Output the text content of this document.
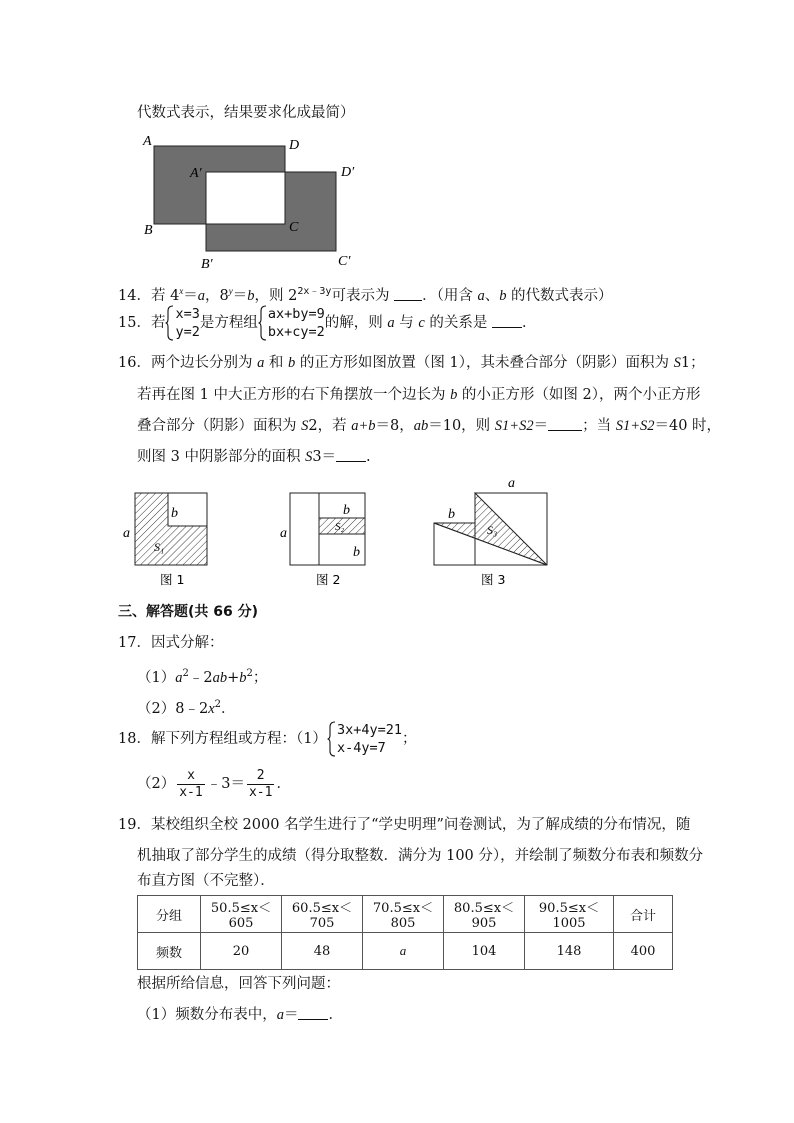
代数式表示，结果要求化成最简）
A	D
A′	D′
B	C
B′	C′
14．若 $4^x=a$，$8^y=b$，则 $2^{2x﹣3y}$可表示为 ．（用含 a、b 的代数式表示）
15．若
x=3
y=2
是方程组
ax+by=9
bx+cy=2
的解，则 a 与 c 的关系是 ．
16．两个边长分别为 a 和 b 的正方形如图放置（图 1），其未叠合部分（阴影）面积为 S1；
若再在图 1 中大正方形的右下角摆放一个边长为 b 的小正方形（如图 2），两个小正方形
叠合部分（阴影）面积为 S2，若 a+b＝8，ab＝10，则 S1+S2＝ ；当 S1+S2＝40 时，
则图 3 中阴影部分的面积 S3＝ .
a
b
S₁
图 1
a
b
S₂
b
图 2
a
b
S₃
图 3
三、解答题(共 66 分)
17．因式分解：
$(1)a^2﹣2ab+b^2$；
$(2)8﹣2x^2$．
18．解下列方程组或方程：（1）
3x+4y=21
x-4y=7
；
$(2) \frac{x}{x-1}$ ﹣3＝ $\frac{2}{x-1}$ ．
19．某校组织全校 2000 名学生进行了“学史明理”问卷测试，为了解成绩的分布情况，随
机抽取了部分学生的成绩（得分取整数．满分为 100 分），并绘制了频数分布表和频数分
布直方图（不完整）．
分组	50.5≤x＜605	60.5≤x＜705	70.5≤x＜805	80.5≤x＜905	90.5≤x＜1005	合计
频数	20	48	a	104	148	400
根据所给信息，回答下列问题：
（1）频数分布表中，a＝ ．
